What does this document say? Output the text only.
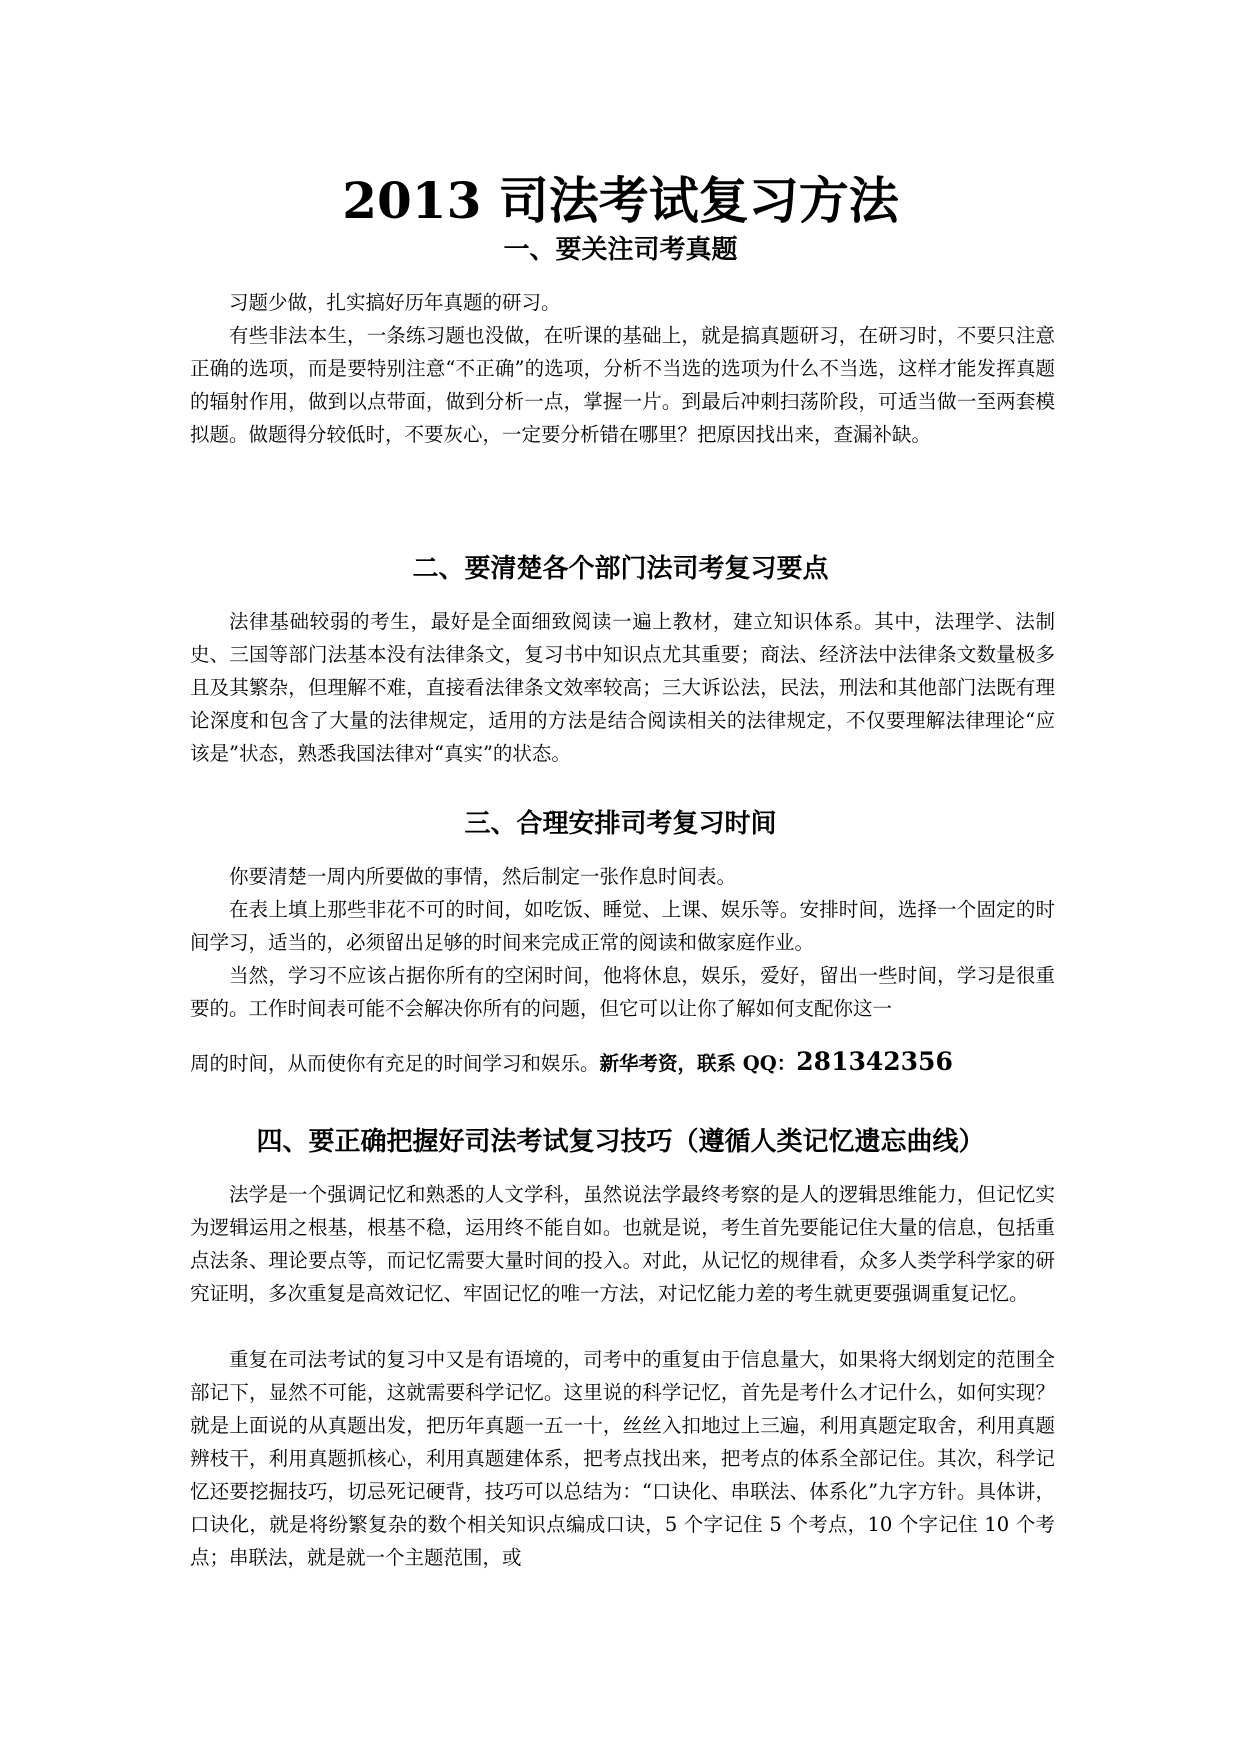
2013 司法考试复习方法
一、要关注司考真题

习题少做，扎实搞好历年真题的研习。

有些非法本生，一条练习题也没做，在听课的基础上，就是搞真题研习，在研习时，不要只注意正确的选项，而是要特别注意“不正确”的选项，分析不当选的选项为什么不当选，这样才能发挥真题的辐射作用，做到以点带面，做到分析一点，掌握一片。到最后冲刺扫荡阶段，可适当做一至两套模拟题。做题得分较低时，不要灰心，一定要分析错在哪里？把原因找出来，查漏补缺。

二、要清楚各个部门法司考复习要点

法律基础较弱的考生，最好是全面细致阅读一遍上教材，建立知识体系。其中，法理学、法制史、三国等部门法基本没有法律条文，复习书中知识点尤其重要；商法、经济法中法律条文数量极多且及其繁杂，但理解不难，直接看法律条文效率较高；三大诉讼法，民法，刑法和其他部门法既有理论深度和包含了大量的法律规定，适用的方法是结合阅读相关的法律规定，不仅要理解法律理论“应该是”状态，熟悉我国法律对“真实”的状态。

三、合理安排司考复习时间

你要清楚一周内所要做的事情，然后制定一张作息时间表。

在表上填上那些非花不可的时间，如吃饭、睡觉、上课、娱乐等。安排时间，选择一个固定的时间学习，适当的，必须留出足够的时间来完成正常的阅读和做家庭作业。

当然，学习不应该占据你所有的空闲时间，他将休息，娱乐，爱好，留出一些时间，学习是很重要的。工作时间表可能不会解决你所有的问题，但它可以让你了解如何支配你这一

周的时间，从而使你有充足的时间学习和娱乐。新华考资，联系 QQ：281342356

四、要正确把握好司法考试复习技巧（遵循人类记忆遗忘曲线）

法学是一个强调记忆和熟悉的人文学科，虽然说法学最终考察的是人的逻辑思维能力，但记忆实为逻辑运用之根基，根基不稳，运用终不能自如。也就是说，考生首先要能记住大量的信息，包括重点法条、理论要点等，而记忆需要大量时间的投入。对此，从记忆的规律看，众多人类学科学家的研究证明，多次重复是高效记忆、牢固记忆的唯一方法，对记忆能力差的考生就更要强调重复记忆。

重复在司法考试的复习中又是有语境的，司考中的重复由于信息量大，如果将大纲划定的范围全部记下，显然不可能，这就需要科学记忆。这里说的科学记忆，首先是考什么才记什么，如何实现？就是上面说的从真题出发，把历年真题一五一十，丝丝入扣地过上三遍，利用真题定取舍，利用真题辨枝干，利用真题抓核心，利用真题建体系，把考点找出来，把考点的体系全部记住。其次，科学记忆还要挖掘技巧，切忌死记硬背，技巧可以总结为：“口诀化、串联法、体系化”九字方针。具体讲，口诀化，就是将纷繁复杂的数个相关知识点编成口诀，5 个字记住 5 个考点，10 个字记住 10 个考点；串联法，就是就一个主题范围，或
